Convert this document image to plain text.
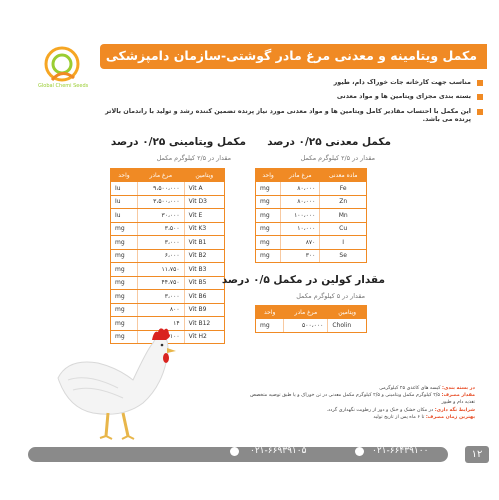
Global Chemi Seeds
مکمل ویتامینه و معدنی مرغ مادر گوشتی-سازمان دامپزشکی
مناسب جهت کارخانه جات خوراک دام، طیور
بسته بندی مجزای ویتامین ها و مواد معدنی
این مکمل با احتساب مقادیر کامل ویتامین ها و مواد معدنی مورد نیاز پرنده تضمین کننده رشد و تولید با راندمان بالاتر پرنده می باشد.
مکمل معدنی ۰/۲۵ درصد
مقدار در ۲/۵ کیلوگرم مکمل
واحد	مرغ مادر	ماده معدنی
mg	۸۰،۰۰۰	Fe
mg	۸۰،۰۰۰	Zn
mg	۱۰۰،۰۰۰	Mn
mg	۱۰،۰۰۰	Cu
mg	۸۷۰	I
mg	۳۰۰	Se
مکمل ویتامینی ۰/۲۵ درصد
مقدار در ۲/۵ کیلوگرم مکمل
واحد	مرغ مادر	ویتامین
Iu	۹،۵۰۰،۰۰۰	Vit A
Iu	۳،۵۰۰،۰۰۰	Vit D3
Iu	۳۰،۰۰۰	Vit E
mg	۳،۵۰۰	Vit K3
mg	۳،۰۰۰	Vit B1
mg	۶،۰۰۰	Vit B2
mg	۱۱،۷۵۰	Vit B3
mg	۴۴،۷۵۰	Vit B5
mg	۳،۰۰۰	Vit B6
mg	۸۰۰	Vit B9
mg	۱۴	Vit B12
mg	۱۰۰	Vit H2
مقدار کولین در مکمل ۰/۵ درصد
مقدار در ۵ کیلوگرم مکمل
واحد	مرغ مادر	ویتامین
mg	۵۰۰،۰۰۰	Cholin
در بسته بندی: کیسه های کاغذی ۲۵ کیلوگرمی
مقدار مصرف: ۲/۵ کیلوگرم مکمل ویتامینی و ۲/۵ کیلوگرم مکمل معدنی در تن خوراک و یا طبق توصیه متخصص تغذیه دام و طیور
شرایط نگه داری: در مکان خشک و خنک و دور از رطوبت نگهداری گردد.
بهترین زمان مصرف: تا ۶ ماه پس از تاریخ تولید
۰۲۱-۶۶۹۳۹۱۰۵	۰۲۱-۶۶۴۳۹۱۰۰	۱۲
